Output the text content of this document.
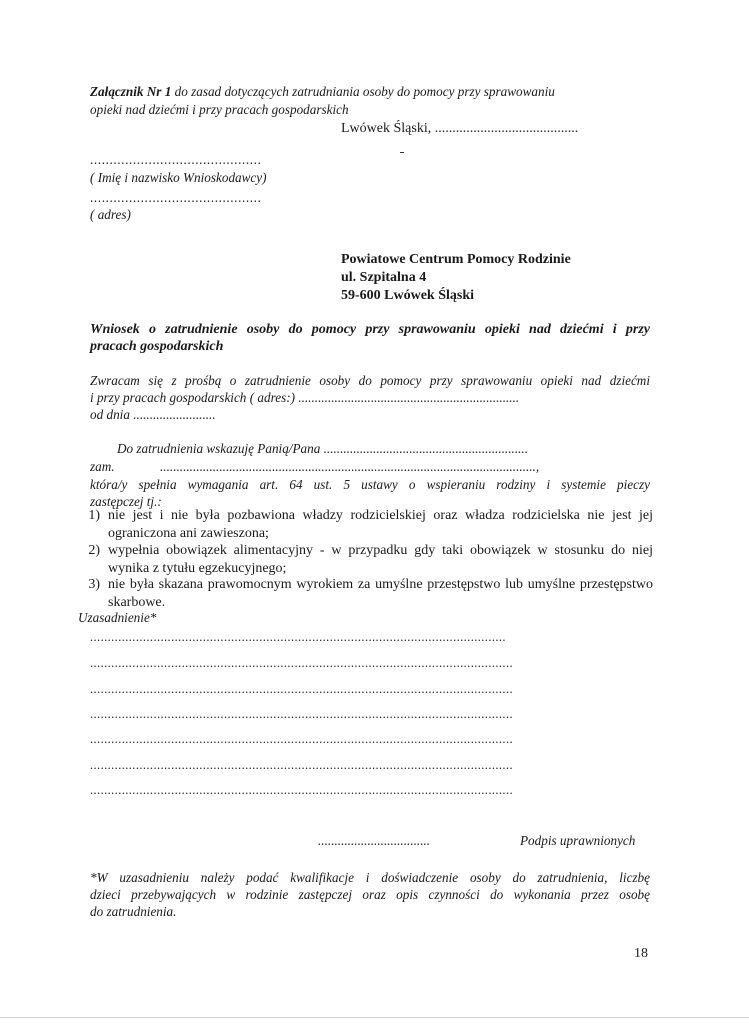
Załącznik Nr 1 do zasad dotyczących zatrudniania osoby do pomocy przy sprawowaniu
opieki nad dziećmi i przy pracach gospodarskich
Lwówek Śląski, .........................................
............................................
( Imię i nazwisko Wnioskodawcy)
............................................
( adres)
Powiatowe Centrum Pomocy Rodzinie
ul. Szpitalna 4
59-600 Lwówek Śląski
Wniosek o zatrudnienie osoby do pomocy przy sprawowaniu opieki nad dziećmi i przy
pracach gospodarskich
Zwracam się z prośbą o zatrudnienie osoby do pomocy przy sprawowaniu opieki nad dziećmi
i przy pracach gospodarskich ( adres:) ...................................................................
od dnia .........................
Do zatrudnienia wskazuję Panią/Pana ..............................................................
zam.	..................................................................................................................,
która/y spełnia wymagania art. 64 ust. 5 ustawy o wspieraniu rodziny i systemie pieczy
zastępczej tj.:
1) nie jest i nie była pozbawiona władzy rodzicielskiej oraz władza rodzicielska nie jest jej ograniczona ani zawieszona;
2) wypełnia obowiązek alimentacyjny - w przypadku gdy taki obowiązek w stosunku do niej wynika z tytułu egzekucyjnego;
3) nie była skazana prawomocnym wyrokiem za umyślne przestępstwo lub umyślne przestępstwo skarbowe.
Uzasadnienie*
......................................................................................................................
........................................................................................................................
........................................................................................................................
........................................................................................................................
........................................................................................................................
........................................................................................................................
........................................................................................................................
..................................	Podpis uprawnionych
*W uzasadnieniu należy podać kwalifikacje i doświadczenie osoby do zatrudnienia, liczbę
dzieci przebywających w rodzinie zastępczej oraz opis czynności do wykonania przez osobę
do zatrudnienia.
18
